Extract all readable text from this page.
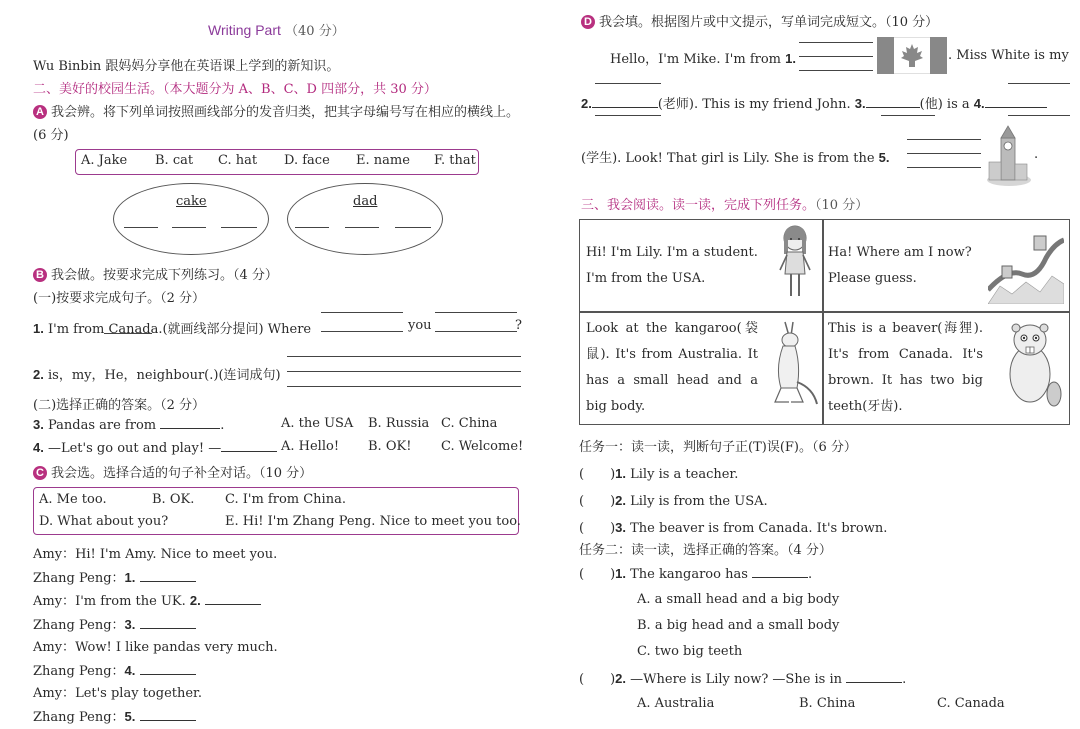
Writing Part （40 分）
Wu Binbin 跟妈妈分享他在英语课上学到的新知识。
二、美好的校园生活。（本大题分为 A、B、C、D 四部分，共 30 分）
A 我会辨。将下列单词按照画线部分的发音归类，把其字母编号写在相应的横线上。
(6 分)
A. Jake B. cat C. hat D. face E. name F. that
cake	dad
B 我会做。按要求完成下列练习。（4 分）
(一)按要求完成句子。（2 分）
1. I'm from Canada.(就画线部分提问) Where	you	?
2. is，my，He，neighbour(.)(连词成句)
(二)选择正确的答案。（2 分）
3. Pandas are from	.	A. the USA B. Russia C. China
4. —Let's go out and play! —	A. Hello! B. OK! C. Welcome!
C 我会选。选择合适的句子补全对话。（10 分）
A. Me too.	B. OK. C. I'm from China.
D. What about you?	E. Hi! I'm Zhang Peng. Nice to meet you too.
Amy：Hi! I'm Amy. Nice to meet you.
Zhang Peng：1.
Amy：I'm from the UK. 2.
Zhang Peng：3.
Amy：Wow! I like pandas very much.
Zhang Peng：4.
Amy：Let's play together.
Zhang Peng：5.
D 我会填。根据图片或中文提示，写单词完成短文。（10 分）
Hello，I'm Mike. I'm from 1.	. Miss White is my
2.	(老师). This is my friend John. 3.	(他) is a 4.
(学生). Look! That girl is Lily. She is from the 5.	.
三、我会阅读。读一读，完成下列任务。（10 分）
Hi! I'm Lily. I'm a student.
I'm from the USA.
Ha! Where am I now?
Please guess.
Look at the kangaroo(袋鼠). It's from Australia. It has a small head and a big body.
This is a beaver(海狸). It's from Canada. It's brown. It has two big teeth(牙齿).
任务一：读一读，判断句子正(T)误(F)。（6 分）
( )1. Lily is a teacher.
( )2. Lily is from the USA.
( )3. The beaver is from Canada. It's brown.
任务二：读一读，选择正确的答案。（4 分）
( )1. The kangaroo has	.
A. a small head and a big body
B. a big head and a small body
C. two big teeth
( )2. —Where is Lily now? —She is in	.
A. Australia	B. China	C. Canada
